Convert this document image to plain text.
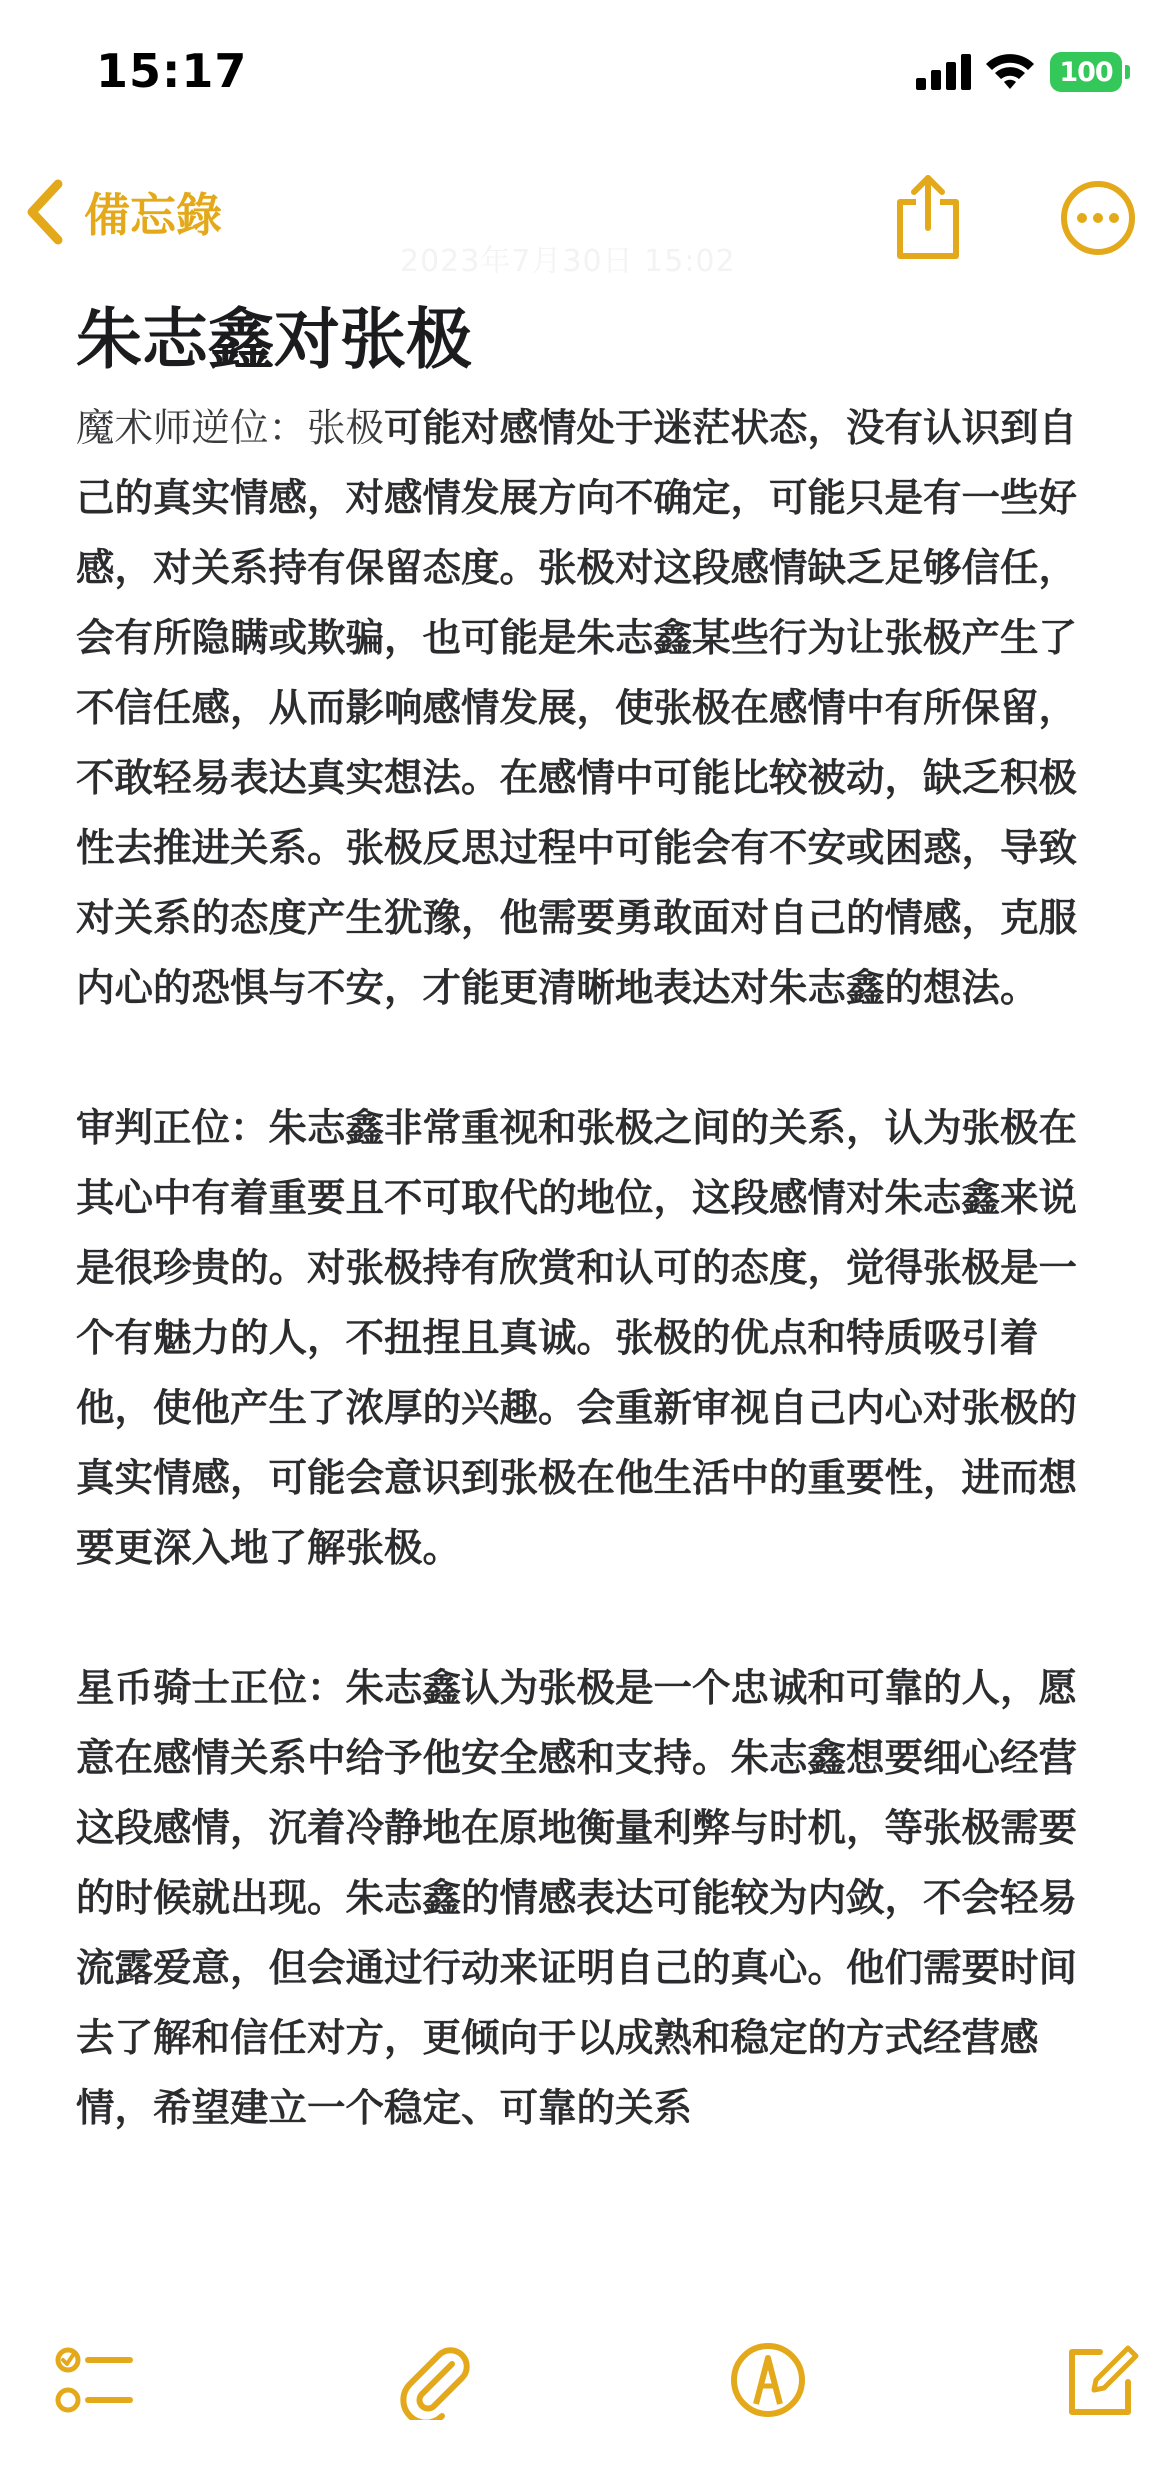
15:17	100
備忘錄
2023年7月30日 15:02
朱志鑫对张极

魔术师逆位：张极可能对感情处于迷茫状态，没有认识到自己的真实情感，对感情发展方向不确定，可能只是有一些好感，对关系持有保留态度。张极对这段感情缺乏足够信任，会有所隐瞒或欺骗，也可能是朱志鑫某些行为让张极产生了不信任感，从而影响感情发展，使张极在感情中有所保留，不敢轻易表达真实想法。在感情中可能比较被动，缺乏积极性去推进关系。张极反思过程中可能会有不安或困惑，导致对关系的态度产生犹豫，他需要勇敢面对自己的情感，克服内心的恐惧与不安，才能更清晰地表达对朱志鑫的想法。

审判正位：朱志鑫非常重视和张极之间的关系，认为张极在其心中有着重要且不可取代的地位，这段感情对朱志鑫来说是很珍贵的。对张极持有欣赏和认可的态度，觉得张极是一个有魅力的人，不扭捏且真诚。张极的优点和特质吸引着他，使他产生了浓厚的兴趣。会重新审视自己内心对张极的真实情感，可能会意识到张极在他生活中的重要性，进而想要更深入地了解张极。

星币骑士正位：朱志鑫认为张极是一个忠诚和可靠的人，愿意在感情关系中给予他安全感和支持。朱志鑫想要细心经营这段感情，沉着冷静地在原地衡量利弊与时机，等张极需要的时候就出现。朱志鑫的情感表达可能较为内敛，不会轻易流露爱意，但会通过行动来证明自己的真心。他们需要时间去了解和信任对方，更倾向于以成熟和稳定的方式经营感情，希望建立一个稳定、可靠的关系
